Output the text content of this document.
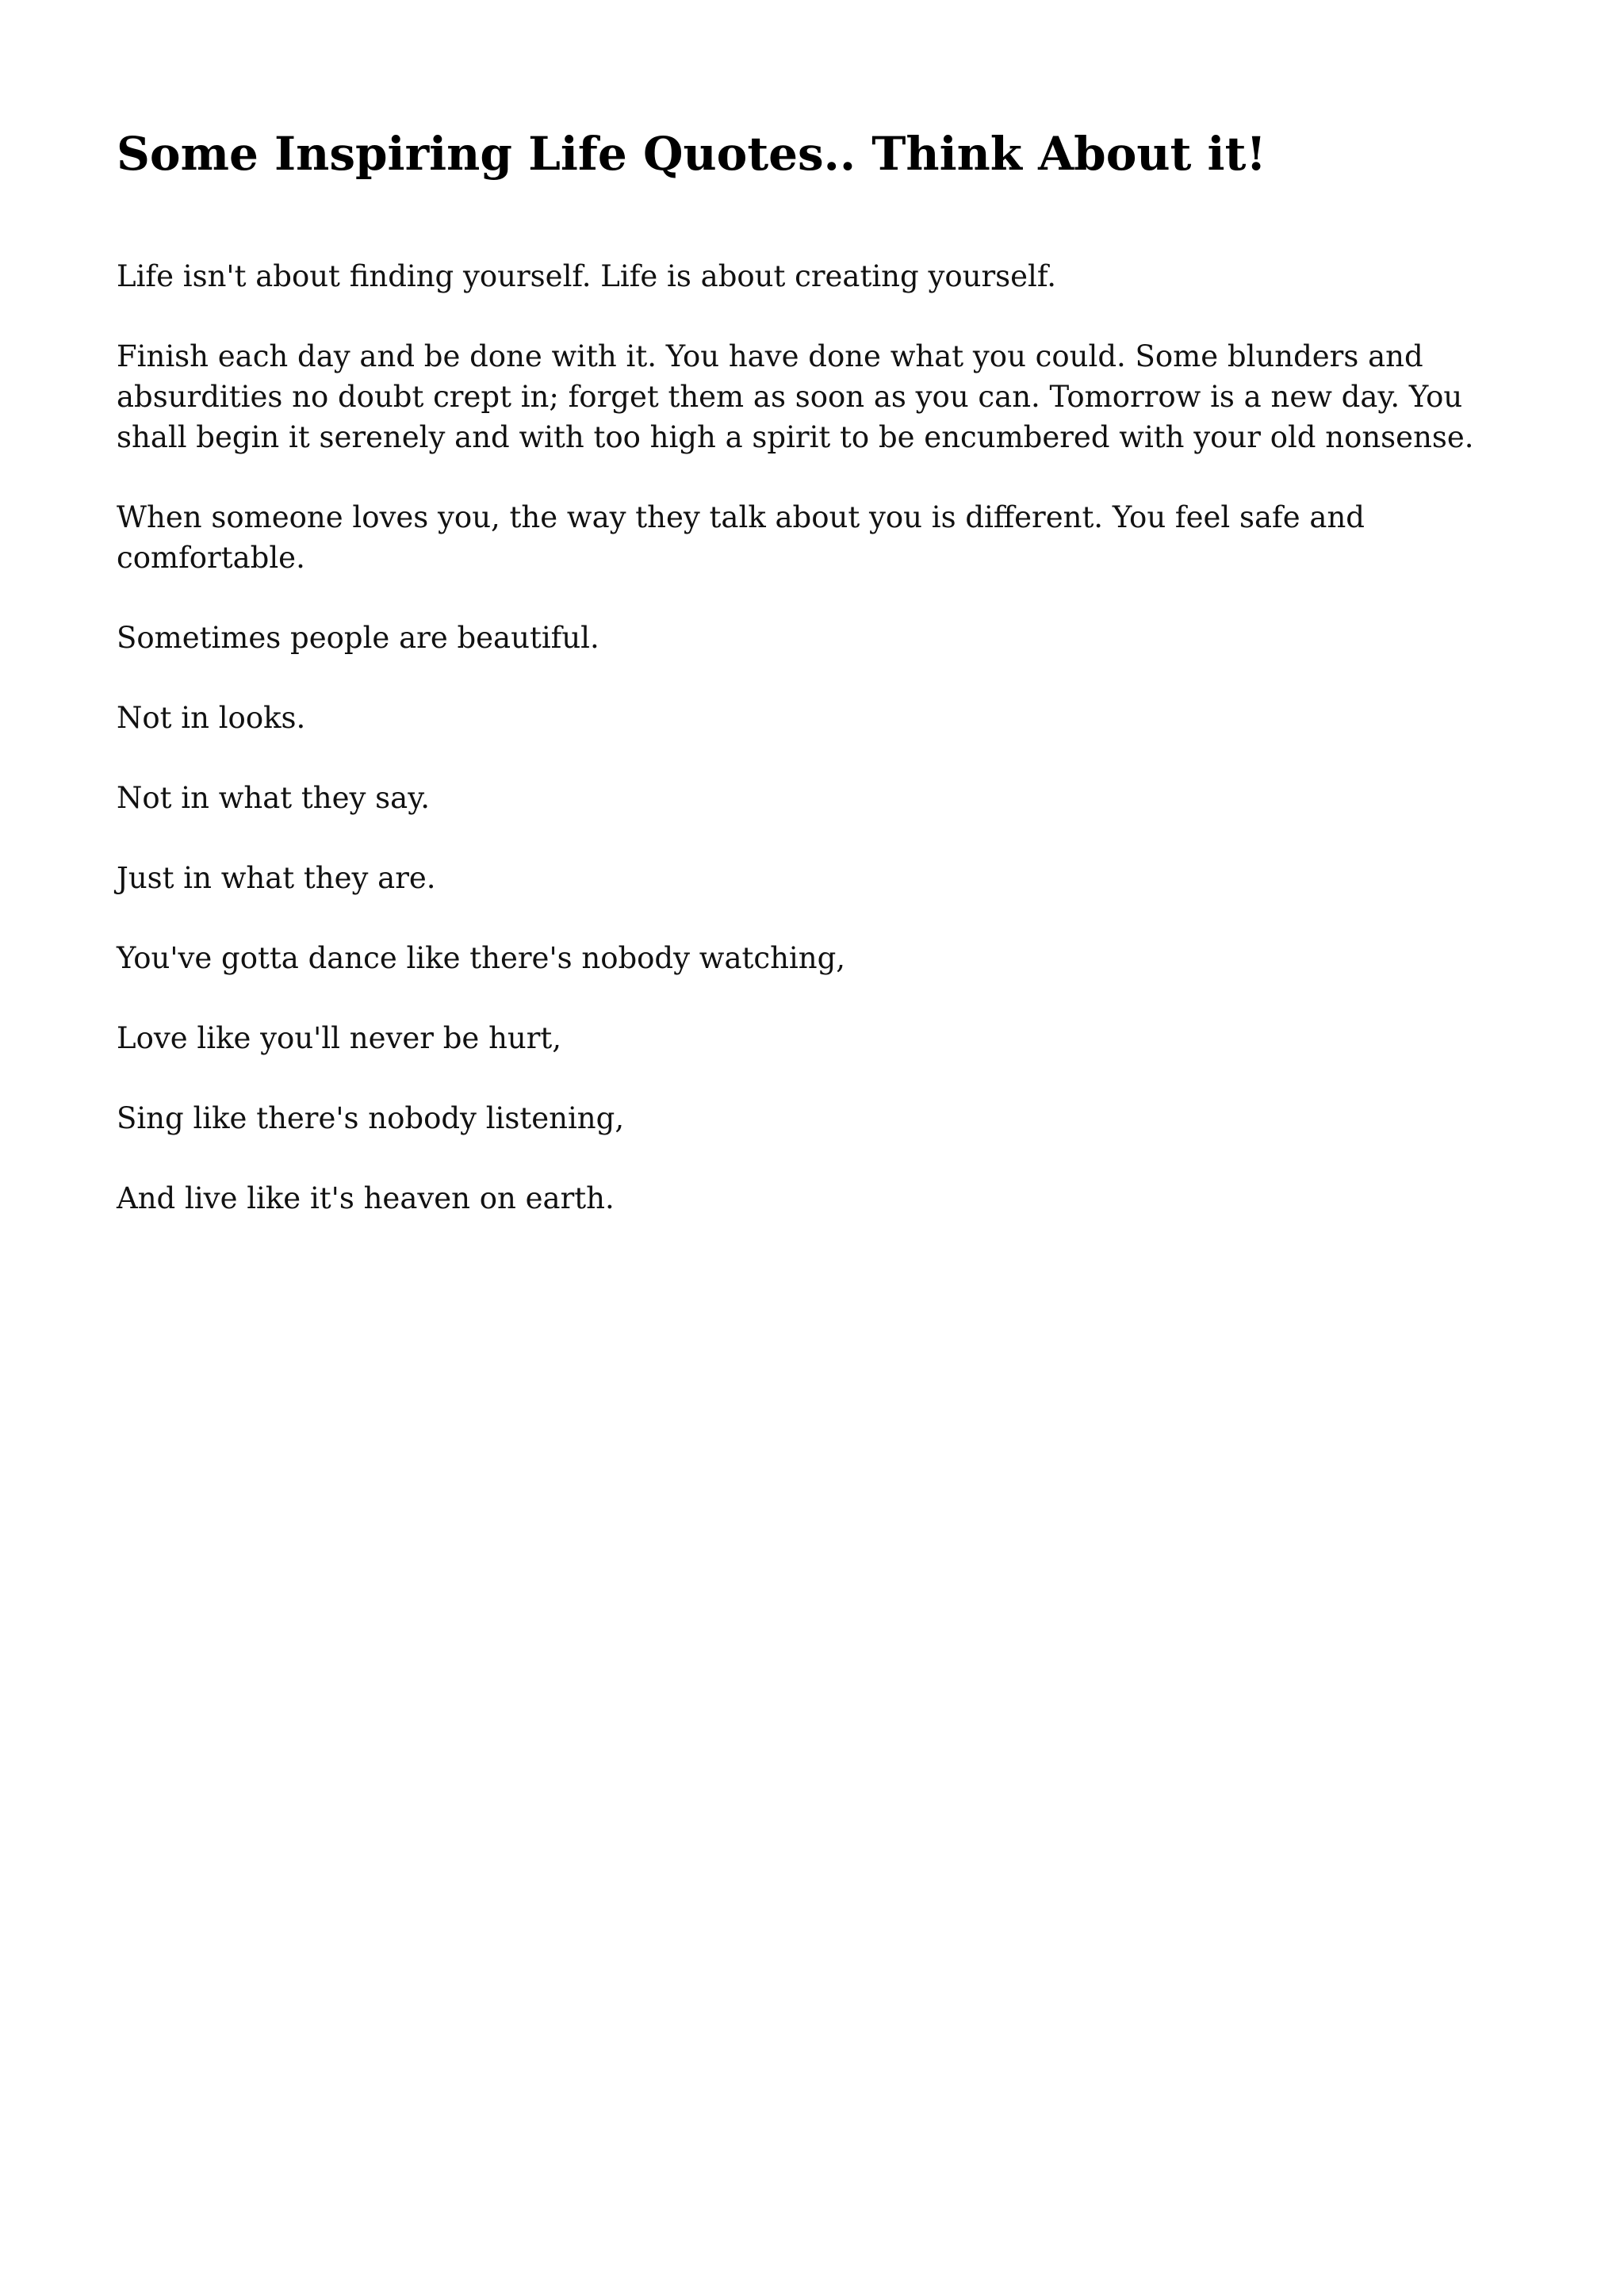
Some Inspiring Life Quotes.. Think About it!

Life isn't about finding yourself. Life is about creating yourself.

Finish each day and be done with it. You have done what you could. Some blunders and absurdities no doubt crept in; forget them as soon as you can. Tomorrow is a new day. You shall begin it serenely and with too high a spirit to be encumbered with your old nonsense.

When someone loves you, the way they talk about you is different. You feel safe and comfortable.

Sometimes people are beautiful.

Not in looks.

Not in what they say.

Just in what they are.

You've gotta dance like there's nobody watching,

Love like you'll never be hurt,

Sing like there's nobody listening,

And live like it's heaven on earth.
